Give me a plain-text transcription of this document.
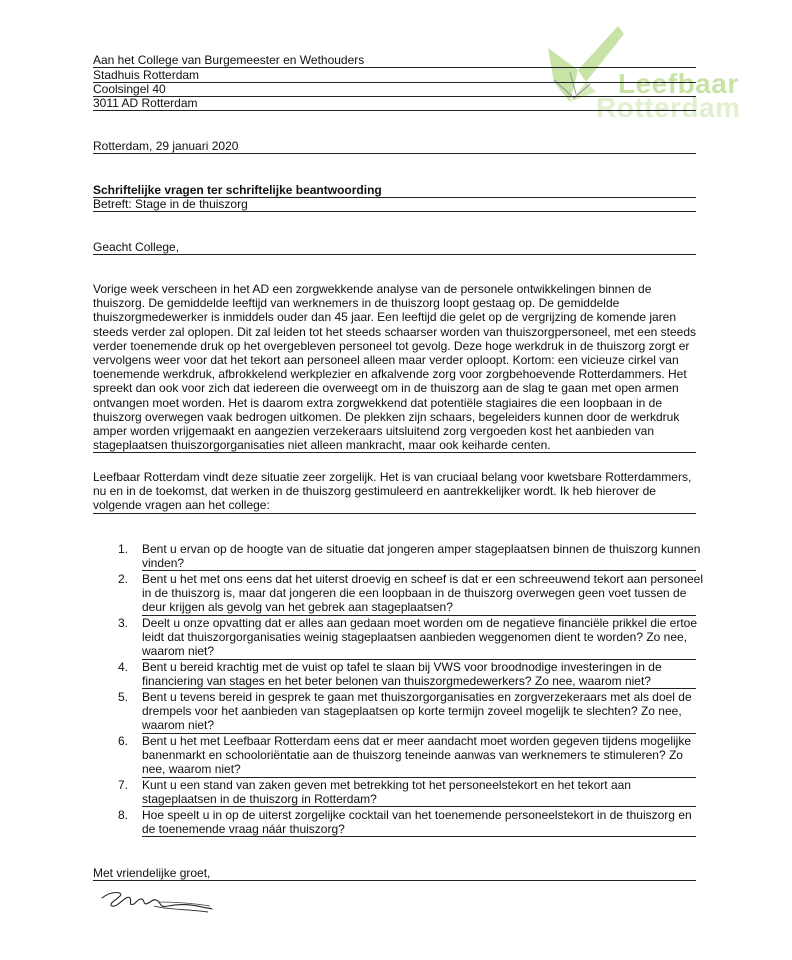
Leefbaar
Rotterdam
Aan het College van Burgemeester en Wethouders
Stadhuis Rotterdam
Coolsingel 40
3011 AD Rotterdam
Rotterdam, 29 januari 2020
Schriftelijke vragen ter schriftelijke beantwoording
Betreft: Stage in de thuiszorg
Geacht College,
Vorige week verscheen in het AD een zorgwekkende analyse van de personele ontwikkelingen binnen de
thuiszorg. De gemiddelde leeftijd van werknemers in de thuiszorg loopt gestaag op. De gemiddelde
thuiszorgmedewerker is inmiddels ouder dan 45 jaar. Een leeftijd die gelet op de vergrijzing de komende jaren
steeds verder zal oplopen. Dit zal leiden tot het steeds schaarser worden van thuiszorgpersoneel, met een steeds
verder toenemende druk op het overgebleven personeel tot gevolg. Deze hoge werkdruk in de thuiszorg zorgt er
vervolgens weer voor dat het tekort aan personeel alleen maar verder oploopt. Kortom: een vicieuze cirkel van
toenemende werkdruk, afbrokkelend werkplezier en afkalvende zorg voor zorgbehoevende Rotterdammers. Het
spreekt dan ook voor zich dat iedereen die overweegt om in de thuiszorg aan de slag te gaan met open armen
ontvangen moet worden. Het is daarom extra zorgwekkend dat potentiële stagiaires die een loopbaan in de
thuiszorg overwegen vaak bedrogen uitkomen. De plekken zijn schaars, begeleiders kunnen door de werkdruk
amper worden vrijgemaakt en aangezien verzekeraars uitsluitend zorg vergoeden kost het aanbieden van
stageplaatsen thuiszorgorganisaties niet alleen mankracht, maar ook keiharde centen.
Leefbaar Rotterdam vindt deze situatie zeer zorgelijk. Het is van cruciaal belang voor kwetsbare Rotterdammers,
nu en in de toekomst, dat werken in de thuiszorg gestimuleerd en aantrekkelijker wordt. Ik heb hierover de
volgende vragen aan het college:
1.	Bent u ervan op de hoogte van de situatie dat jongeren amper stageplaatsen binnen de thuiszorg kunnen
vinden?
2.	Bent u het met ons eens dat het uiterst droevig en scheef is dat er een schreeuwend tekort aan personeel
in de thuiszorg is, maar dat jongeren die een loopbaan in de thuiszorg overwegen geen voet tussen de
deur krijgen als gevolg van het gebrek aan stageplaatsen?
3.	Deelt u onze opvatting dat er alles aan gedaan moet worden om de negatieve financiële prikkel die ertoe
leidt dat thuiszorgorganisaties weinig stageplaatsen aanbieden weggenomen dient te worden? Zo nee,
waarom niet?
4.	Bent u bereid krachtig met de vuist op tafel te slaan bij VWS voor broodnodige investeringen in de
financiering van stages en het beter belonen van thuiszorgmedewerkers? Zo nee, waarom niet?
5.	Bent u tevens bereid in gesprek te gaan met thuiszorgorganisaties en zorgverzekeraars met als doel de
drempels voor het aanbieden van stageplaatsen op korte termijn zoveel mogelijk te slechten? Zo nee,
waarom niet?
6.	Bent u het met Leefbaar Rotterdam eens dat er meer aandacht moet worden gegeven tijdens mogelijke
banenmarkt en schooloriëntatie aan de thuiszorg teneinde aanwas van werknemers te stimuleren? Zo
nee, waarom niet?
7.	Kunt u een stand van zaken geven met betrekking tot het personeelstekort en het tekort aan
stageplaatsen in de thuiszorg in Rotterdam?
8.	Hoe speelt u in op de uiterst zorgelijke cocktail van het toenemende personeelstekort in de thuiszorg en
de toenemende vraag náár thuiszorg?
Met vriendelijke groet,
